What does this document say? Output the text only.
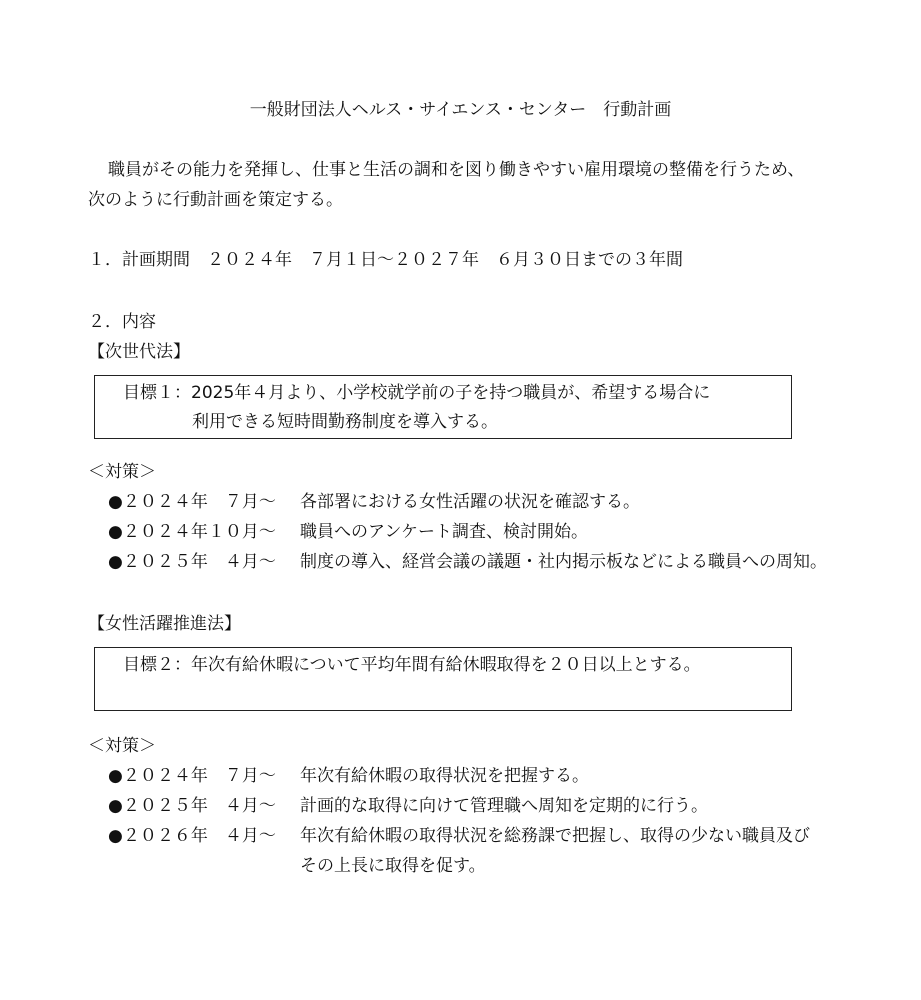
一般財団法人ヘルス・サイエンス・センター　行動計画
職員がその能力を発揮し、仕事と生活の調和を図り働きやすい雇用環境の整備を行うため、
次のように行動計画を策定する。
１．計画期間　２０２４年　７月１日～２０２７年　６月３０日までの３年間
２．内容
【次世代法】
目標１：2025年４月より、小学校就学前の子を持つ職員が、希望する場合に
利用できる短時間勤務制度を導入する。
＜対策＞
●２０２４年　７月～	各部署における女性活躍の状況を確認する。
●２０２４年１０月～	職員へのアンケート調査、検討開始。
●２０２５年　４月～	制度の導入、経営会議の議題・社内掲示板などによる職員への周知。
【女性活躍推進法】
目標２：年次有給休暇について平均年間有給休暇取得を２０日以上とする。
＜対策＞
●２０２４年　７月～	年次有給休暇の取得状況を把握する。
●２０２５年　４月～	計画的な取得に向けて管理職へ周知を定期的に行う。
●２０２６年　４月～	年次有給休暇の取得状況を総務課で把握し、取得の少ない職員及び
その上長に取得を促す。
